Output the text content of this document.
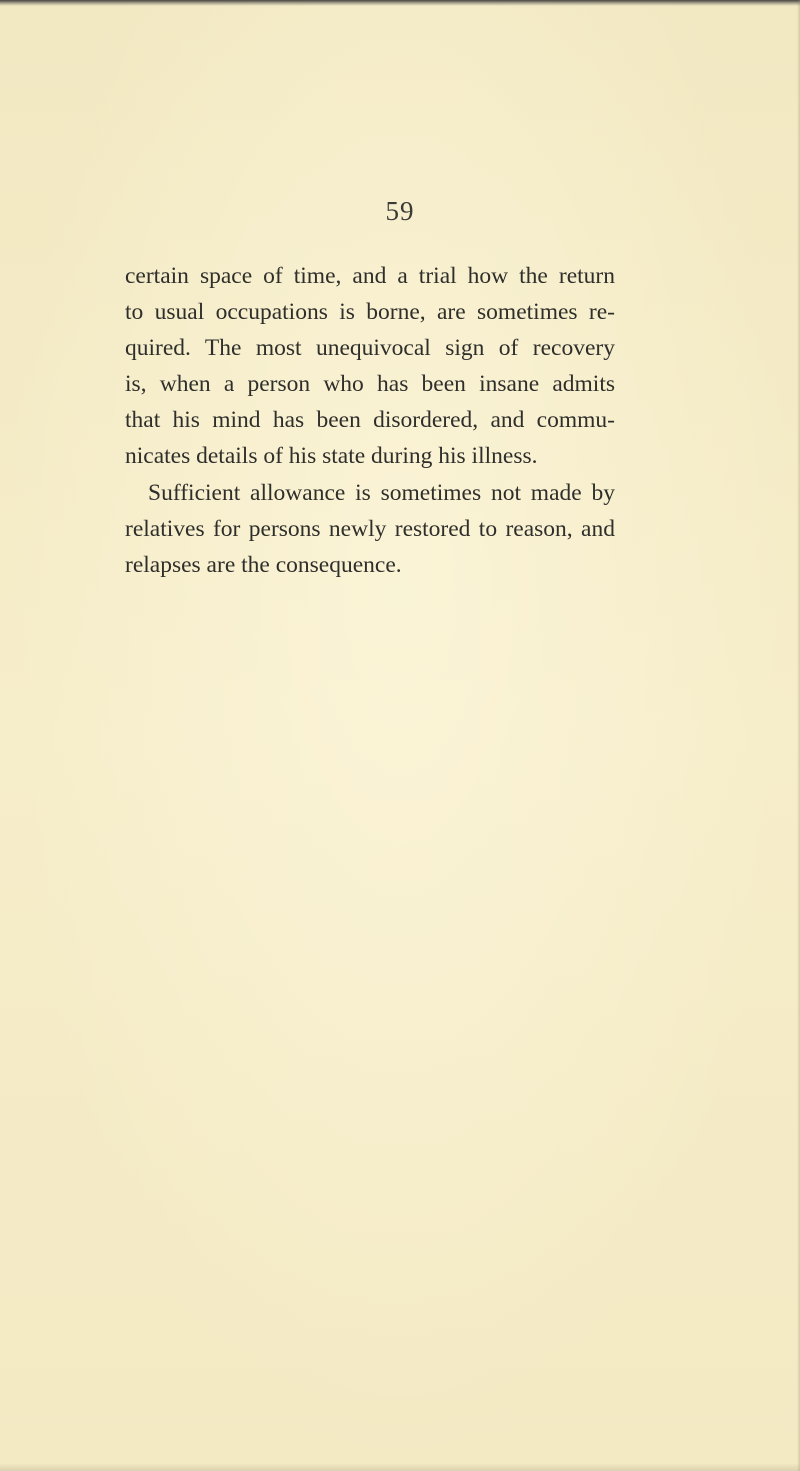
59
certain space of time, and a trial how the return
to usual occupations is borne, are sometimes re-
quired. The most unequivocal sign of recovery
is, when a person who has been insane admits
that his mind has been disordered, and commu-
nicates details of his state during his illness.
Sufficient allowance is sometimes not made by
relatives for persons newly restored to reason, and
relapses are the consequence.
